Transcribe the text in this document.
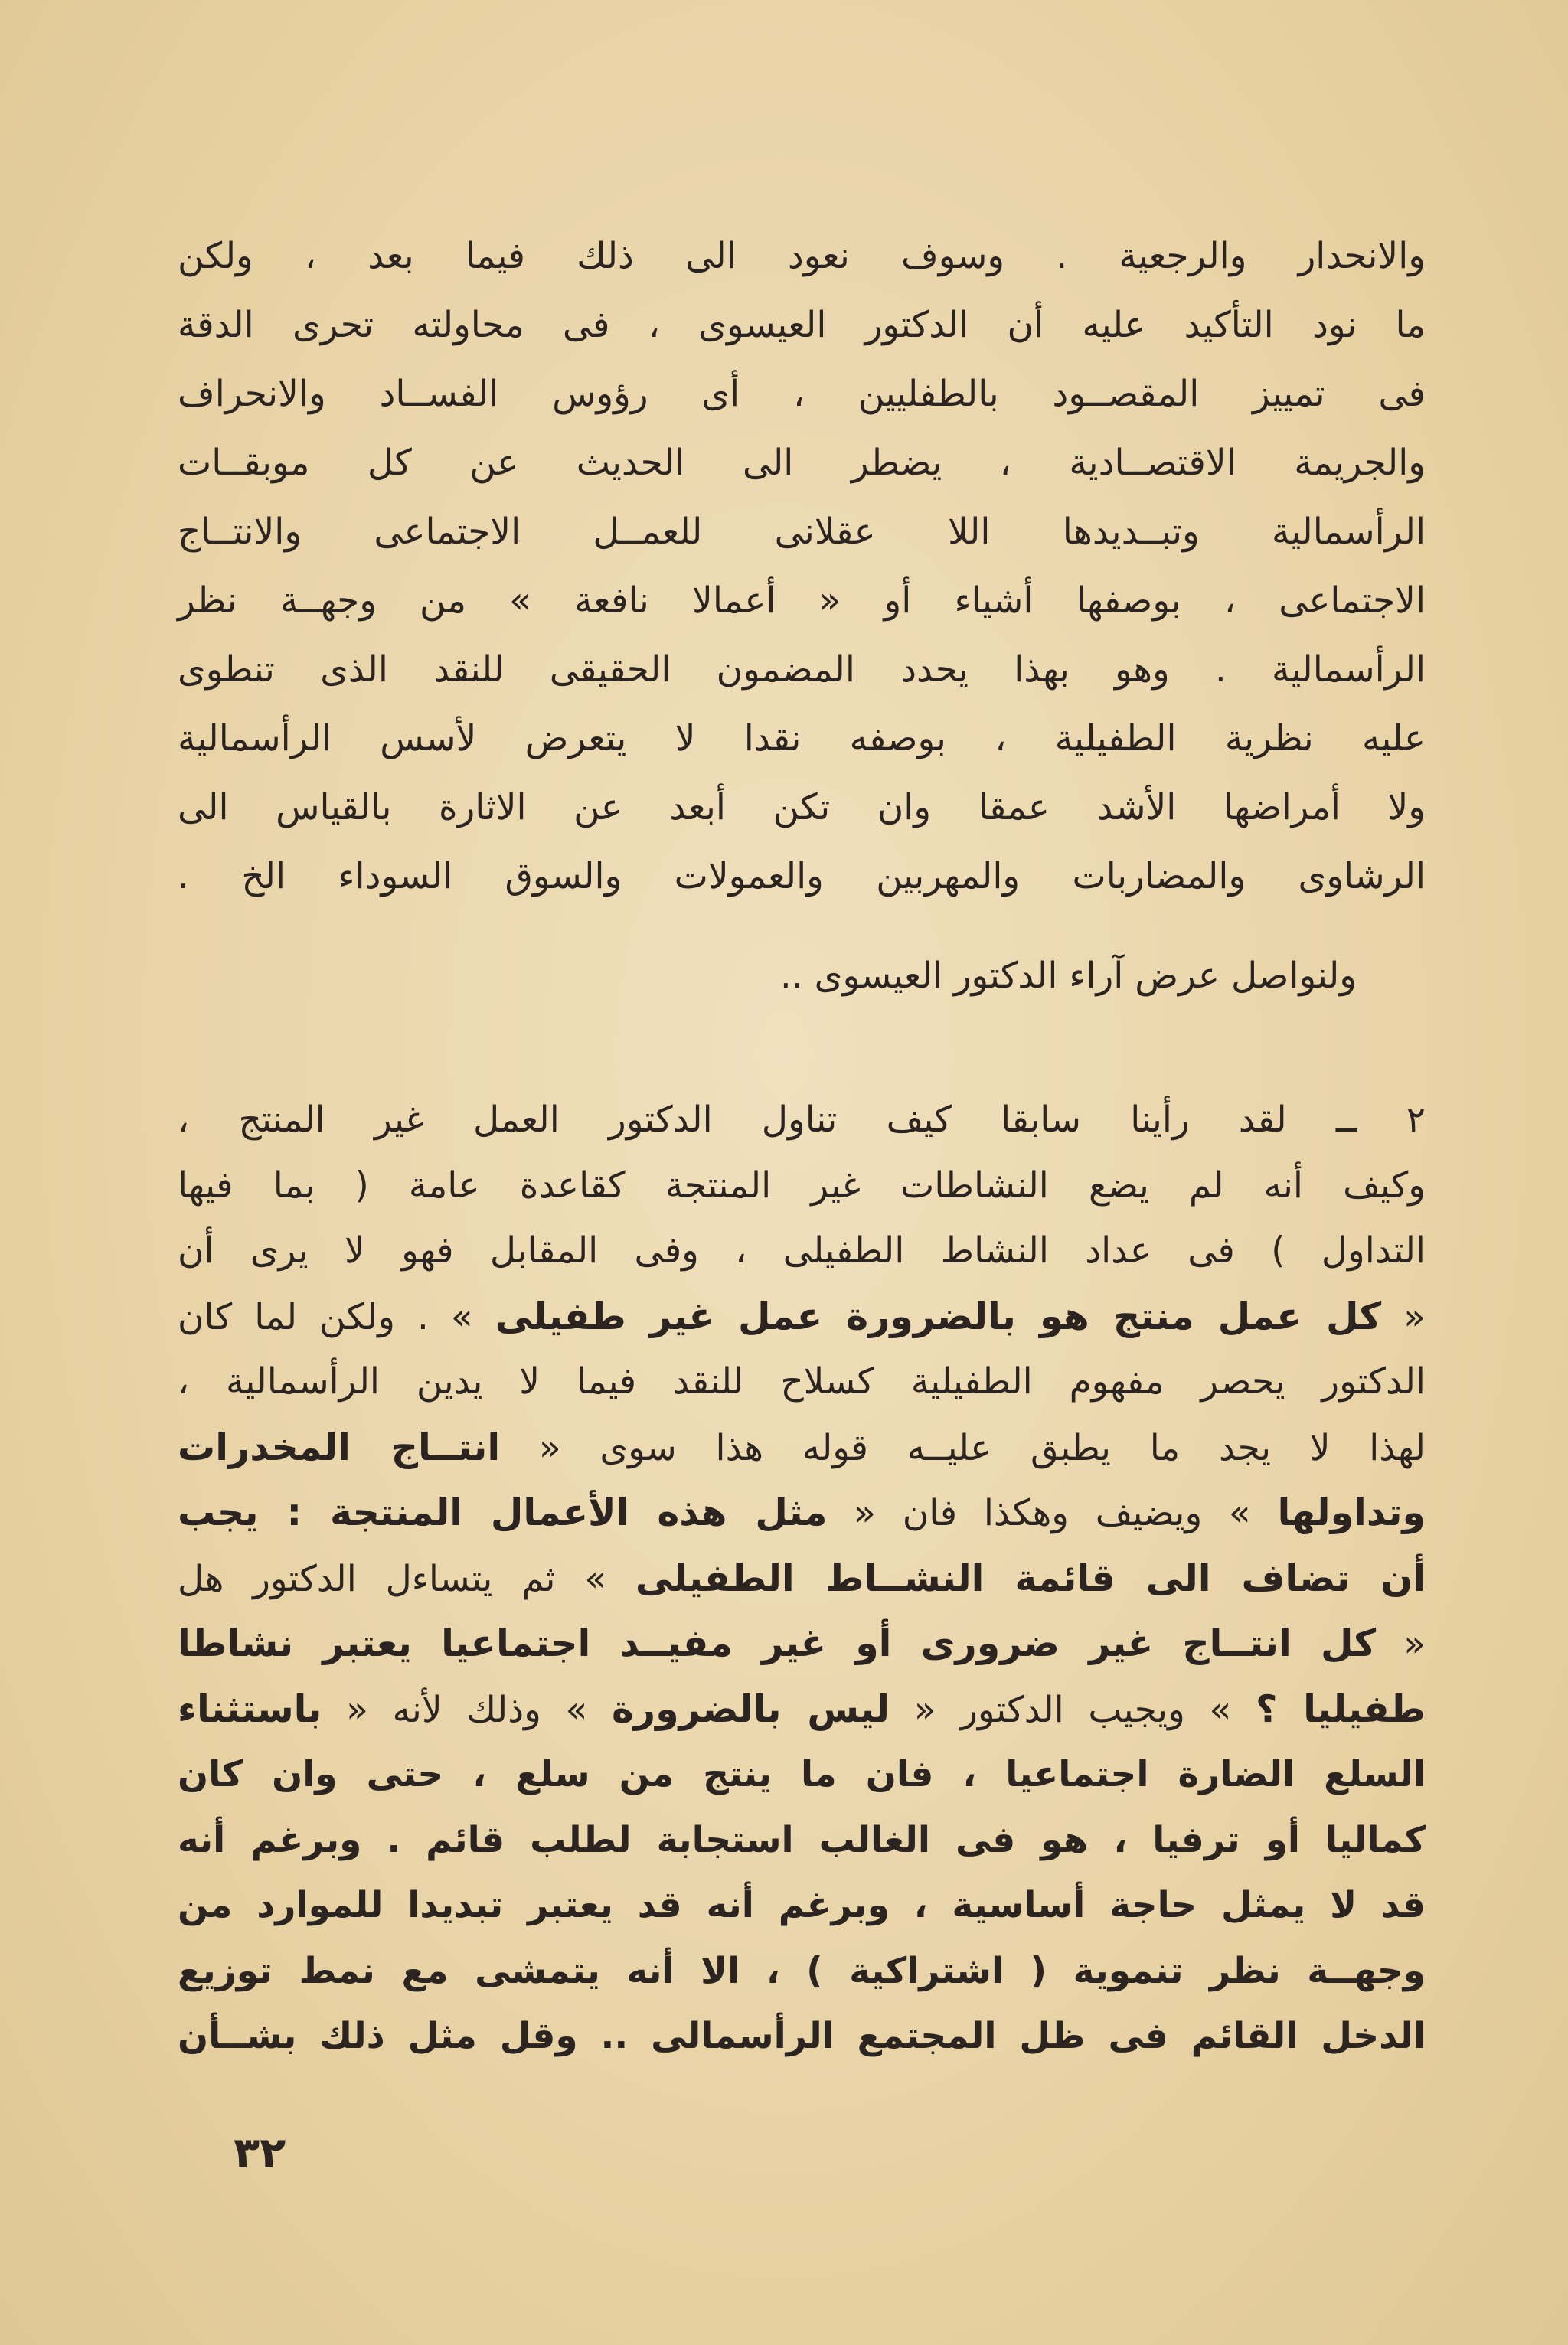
والانحدار والرجعية . وسوف نعود الى ذلك فيما بعد ، ولكن
ما نود التأكيد عليه أن الدكتور العيسوى ، فى محاولته تحرى الدقة
فى تمييز المقصــود بالطفليين ، أى رؤوس الفســاد والانحراف
والجريمة الاقتصــادية ، يضطر الى الحديث عن كل موبقــات
الرأسمالية وتبــديدها اللا عقلانى للعمــل الاجتماعى والانتــاج
الاجتماعى ، بوصفها أشياء أو « أعمالا نافعة » من وجهــة نظر
الرأسمالية . وهو بهذا يحدد المضمون الحقيقى للنقد الذى تنطوى
عليه نظرية الطفيلية ، بوصفه نقدا لا يتعرض لأسس الرأسمالية
ولا أمراضها الأشد عمقا وان تكن أبعد عن الاثارة بالقياس الى
الرشاوى والمضاربات والمهربين والعمولات والسوق السوداء الخ .
ولنواصل عرض آراء الدكتور العيسوى ..
٢ ــ لقد رأينا سابقا كيف تناول الدكتور العمل غير المنتج ،
وكيف أنه لم يضع النشاطات غير المنتجة كقاعدة عامة ( بما فيها
التداول ) فى عداد النشاط الطفيلى ، وفى المقابل فهو لا يرى أن
« كل عمل منتج هو بالضرورة عمل غير طفيلى » . ولكن لما كان
الدكتور يحصر مفهوم الطفيلية كسلاح للنقد فيما لا يدين الرأسمالية ،
لهذا لا يجد ما يطبق عليــه قوله هذا سوى « انتــاج المخدرات
وتداولها » ويضيف وهكذا فان « مثل هذه الأعمال المنتجة : يجب
أن تضاف الى قائمة النشــاط الطفيلى » ثم يتساءل الدكتور هل
« كل انتــاج غير ضرورى أو غير مفيــد اجتماعيا يعتبر نشاطا
طفيليا ؟ » ويجيب الدكتور « ليس بالضرورة » وذلك لأنه « باستثناء
السلع الضارة اجتماعيا ، فان ما ينتج من سلع ، حتى وان كان
كماليا أو ترفيا ، هو فى الغالب استجابة لطلب قائم . وبرغم أنه
قد لا يمثل حاجة أساسية ، وبرغم أنه قد يعتبر تبديدا للموارد من
وجهــة نظر تنموية ( اشتراكية ) ، الا أنه يتمشى مع نمط توزيع
الدخل القائم فى ظل المجتمع الرأسمالى .. وقل مثل ذلك بشــأن
٣٢
